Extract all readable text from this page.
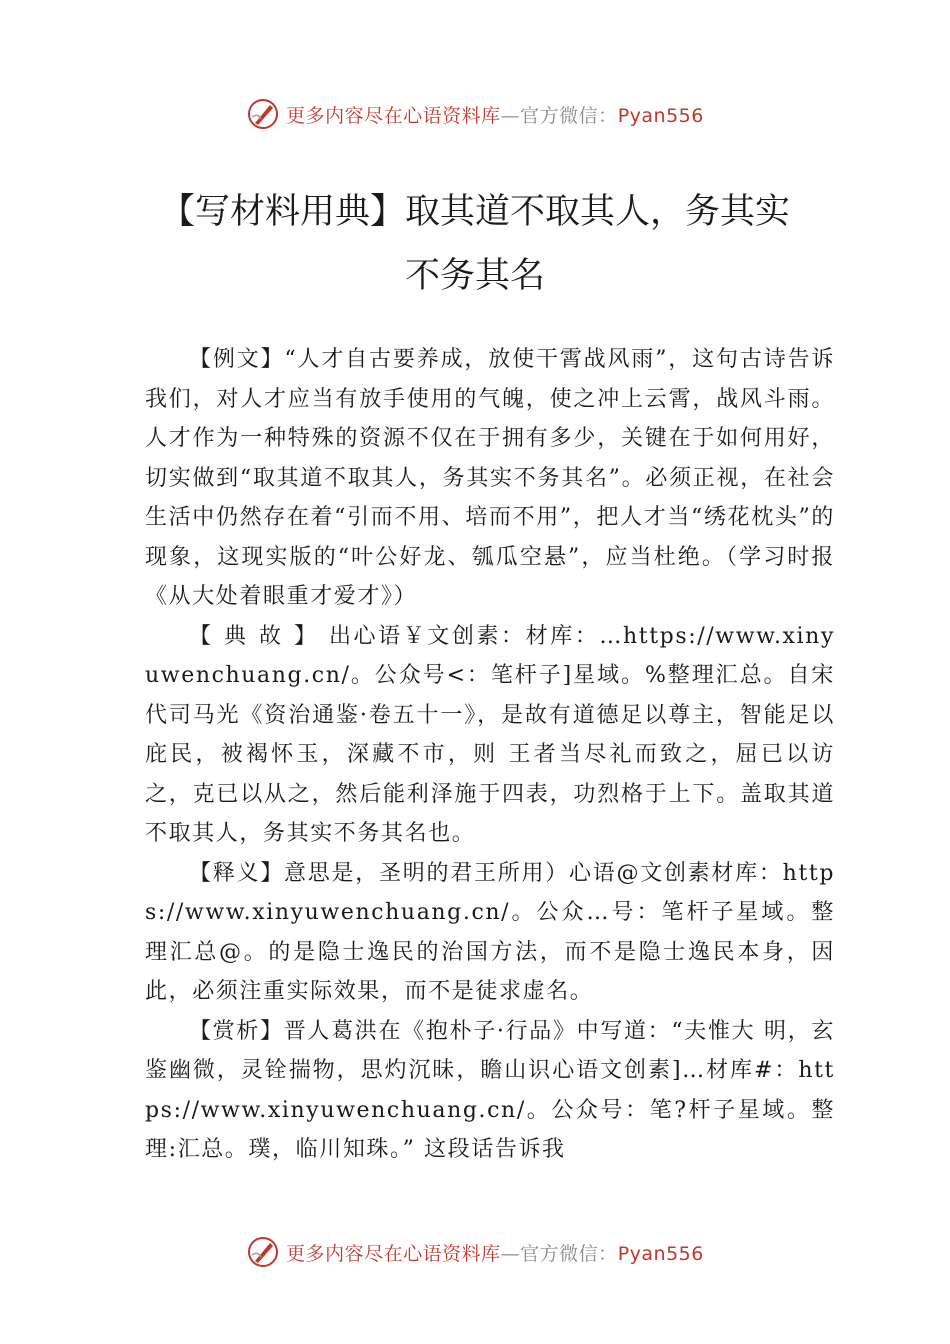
更多内容尽在心语资料库—官方微信：Pyan556
【写材料用典】取其道不取其人，务其实
不务其名

【例文】“人才自古要养成，放使干霄战风雨”，这句古诗告诉我们，对人才应当有放手使用的气魄，使之冲上云霄，战风斗雨。人才作为一种特殊的资源不仅在于拥有多少，关键在于如何用好，切实做到“取其道不取其人，务其实不务其名”。必须正视，在社会生活中仍然存在着“引而不用、培而不用”，把人才当“绣花枕头”的现象，这现实版的“叶公好龙、瓠瓜空悬”，应当杜绝。（学习时报《从大处着眼重才爱才》）

【典故】出心语￥文创素：材库：…https://www.xinyuwenchuang.cn/。公众号<：笔杆子]星域。%整理汇总。自宋代司马光《资治通鉴·卷五十一》，是故有道德足以尊主，智能足以庇民，被褐怀玉，深藏不市，则 王者当尽礼而致之，屈已以访之，克已以从之，然后能利泽施于四表，功烈格于上下。盖取其道不取其人，务其实不务其名也。

【释义】意思是，圣明的君王所用）心语@文创素材库：https://www.xinyuwenchuang.cn/。公众…号：笔杆子星域。整理汇总@。的是隐士逸民的治国方法，而不是隐士逸民本身，因此，必须注重实际效果，而不是徒求虚名。

【赏析】晋人葛洪在《抱朴子·行品》中写道：“夫惟大 明，玄鉴幽微，灵铨揣物，思灼沉昧，瞻山识心语文创素]…材库#：https://www.xinyuwenchuang.cn/。公众号：笔?杆子星域。整理:汇总。璞，临川知珠。” 这段话告诉我

更多内容尽在心语资料库—官方微信：Pyan556
